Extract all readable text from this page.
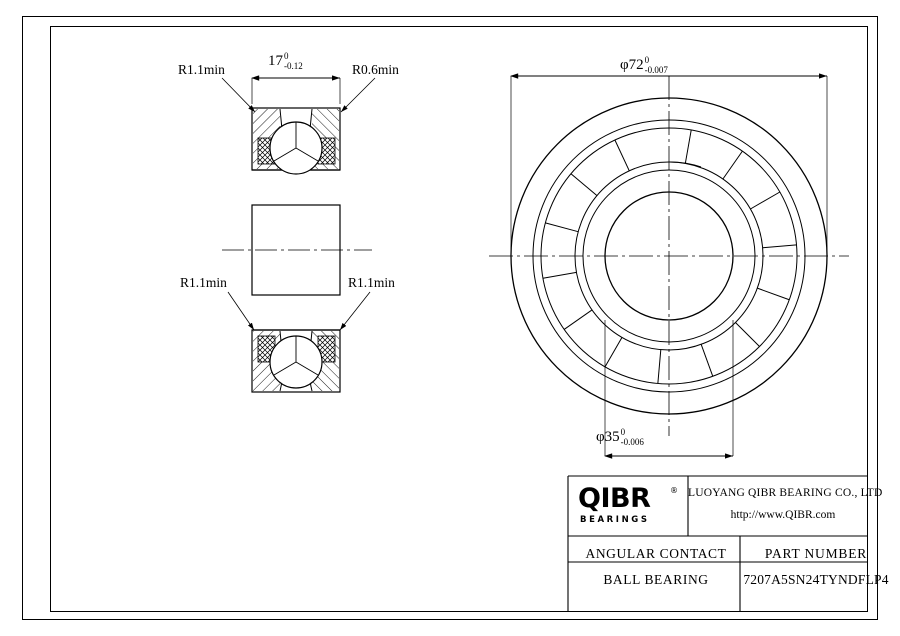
R1.1min	R0.6min
R1.1min	R1.1min
17 0
-0.12	φ72 0
-0.007
φ35 0
-0.006
QIBR ®
BEARINGS
LUOYANG QIBR BEARING CO., LTD
http://www.QIBR.com
ANGULAR CONTACT
BALL BEARING
PART NUMBER
7207A5SN24TYNDFLP4
